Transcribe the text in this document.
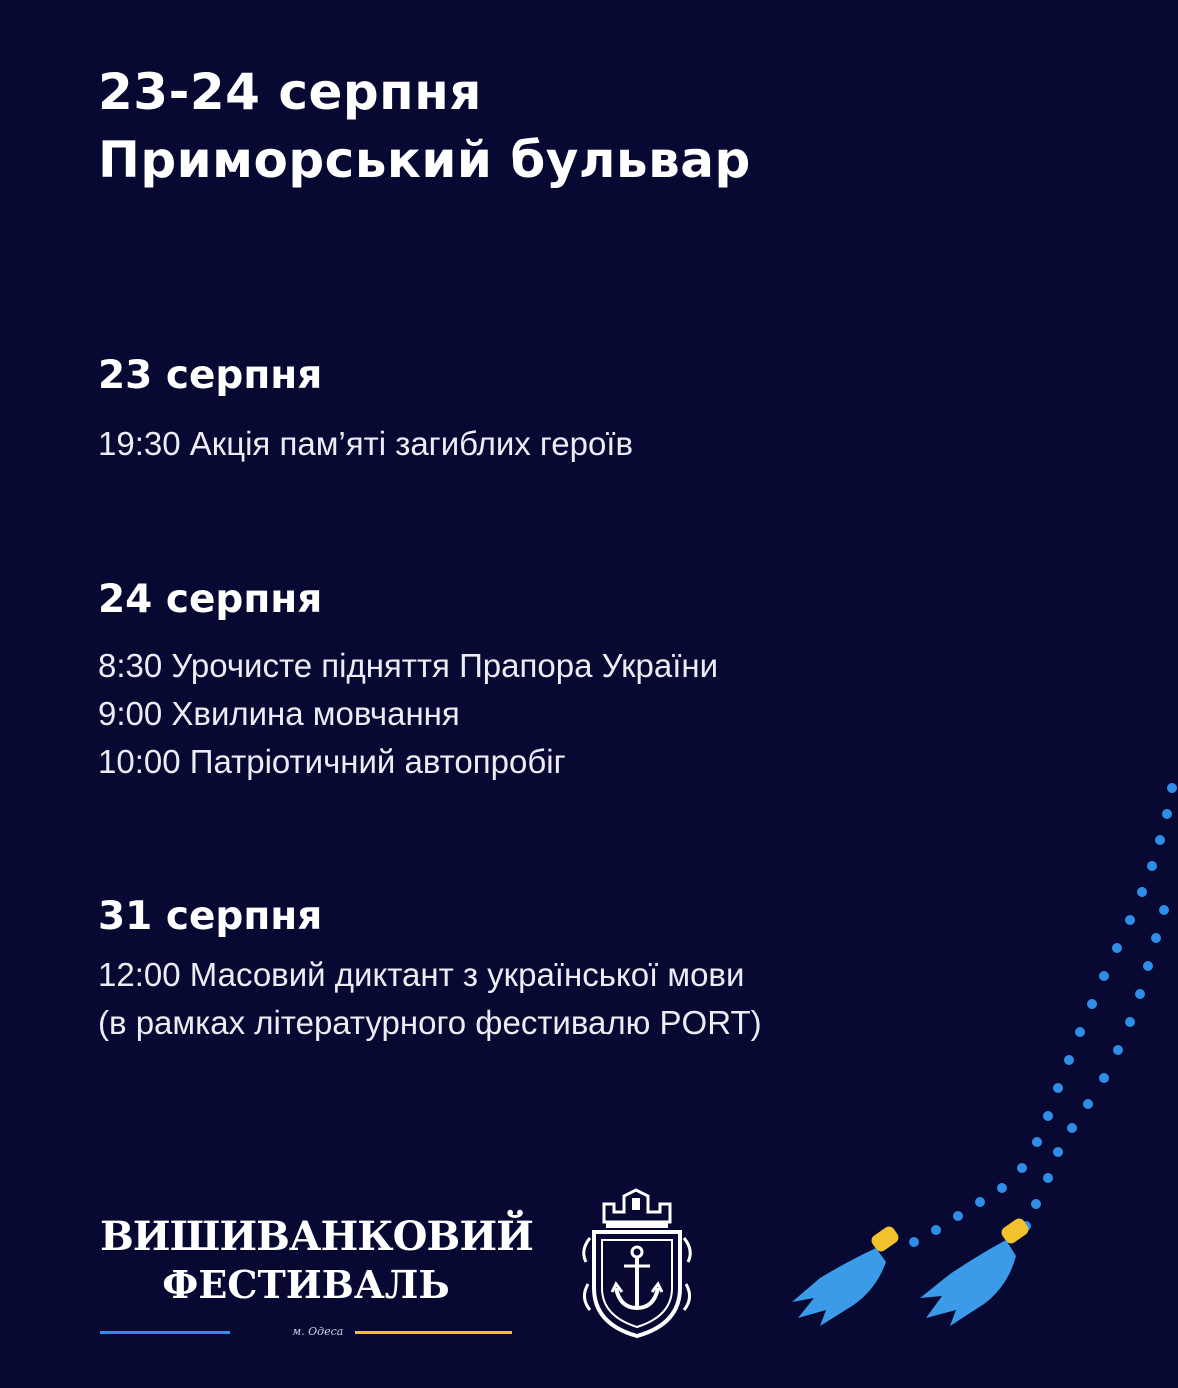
23-24 серпня
Приморський бульвар
23 серпня
19:30 Акція пам’яті загиблих героїв
24 серпня
8:30 Урочисте підняття Прапора України
9:00 Хвилина мовчання
10:00 Патріотичний автопробіг
31 серпня
12:00 Масовий диктант з української мови
(в рамках літературного фестивалю PORT)
ВИШИВАНКОВИЙ
ФЕСТИВАЛЬ
м. Одеса
